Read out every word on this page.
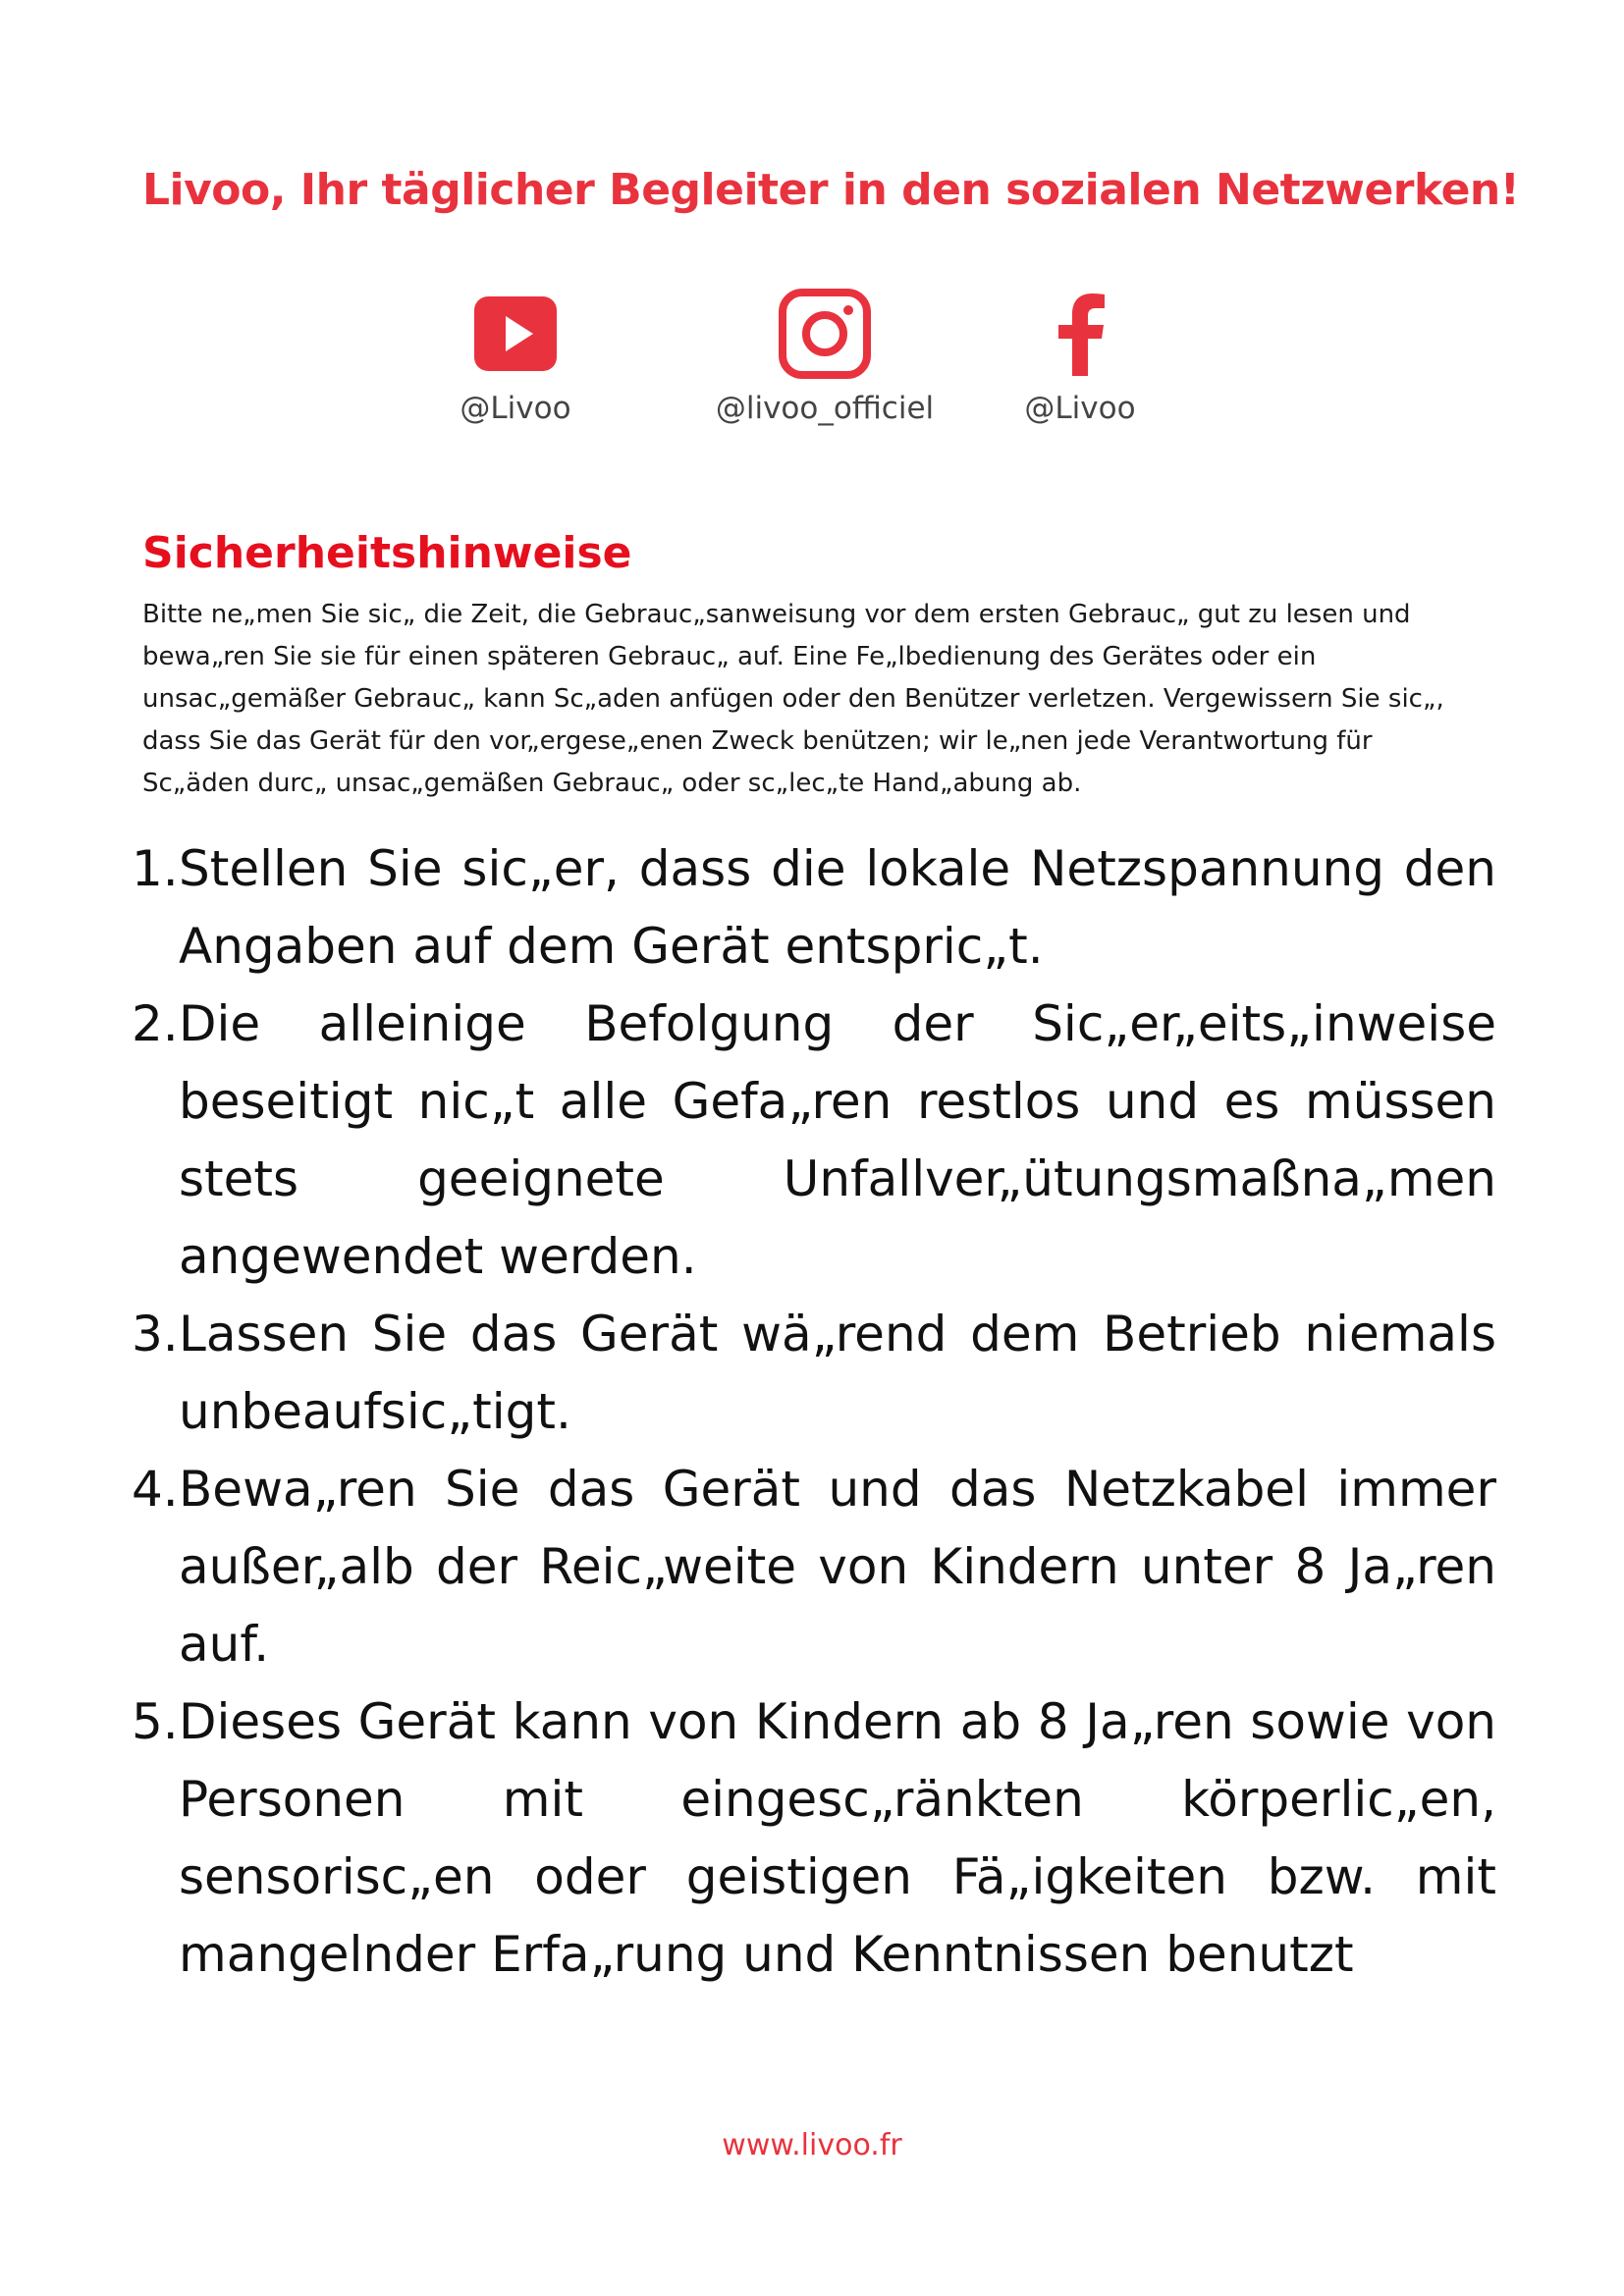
Livoo, Ihr täglicher Begleiter in den sozialen Netzwerken!
@Livoo	@livoo_officiel	@Livoo
Sicherheitshinweise

Bitte ne„men Sie sic„ die Zeit, die Gebrauc„sanweisung vor dem ersten Gebrauc„ gut zu lesen und bewa„ren Sie sie für einen späteren Gebrauc„ auf. Eine Fe„lbedienung des Gerätes oder ein unsac„gemäßer Gebrauc„ kann Sc„aden anfügen oder den Benützer verletzen. Vergewissern Sie sic„, dass Sie das Gerät für den vor„ergese„enen Zweck benützen; wir le„nen jede Verantwortung für Sc„äden durc„ unsac„gemäßen Gebrauc„ oder sc„lec„te Hand„abung ab.

1. Stellen Sie sic„er, dass die lokale Netzspannung den Angaben auf dem Gerät entspric„t.
2. Die alleinige Befolgung der Sic„er„eits„inweise beseitigt nic„t alle Gefa„ren restlos und es müssen stets geeignete Unfallver„ütungsmaßna„men angewendet werden.
3. Lassen Sie das Gerät wä„rend dem Betrieb niemals unbeaufsic„tigt.
4. Bewa„ren Sie das Gerät und das Netzkabel immer außer„alb der Reic„weite von Kindern unter 8 Ja„ren auf.
5. Dieses Gerät kann von Kindern ab 8 Ja„ren sowie von Personen mit eingesc„ränkten körperlic„en, sensorisc„en oder geistigen Fä„igkeiten bzw. mit mangelnder Erfa„rung und Kenntnissen benutzt
www.livoo.fr
